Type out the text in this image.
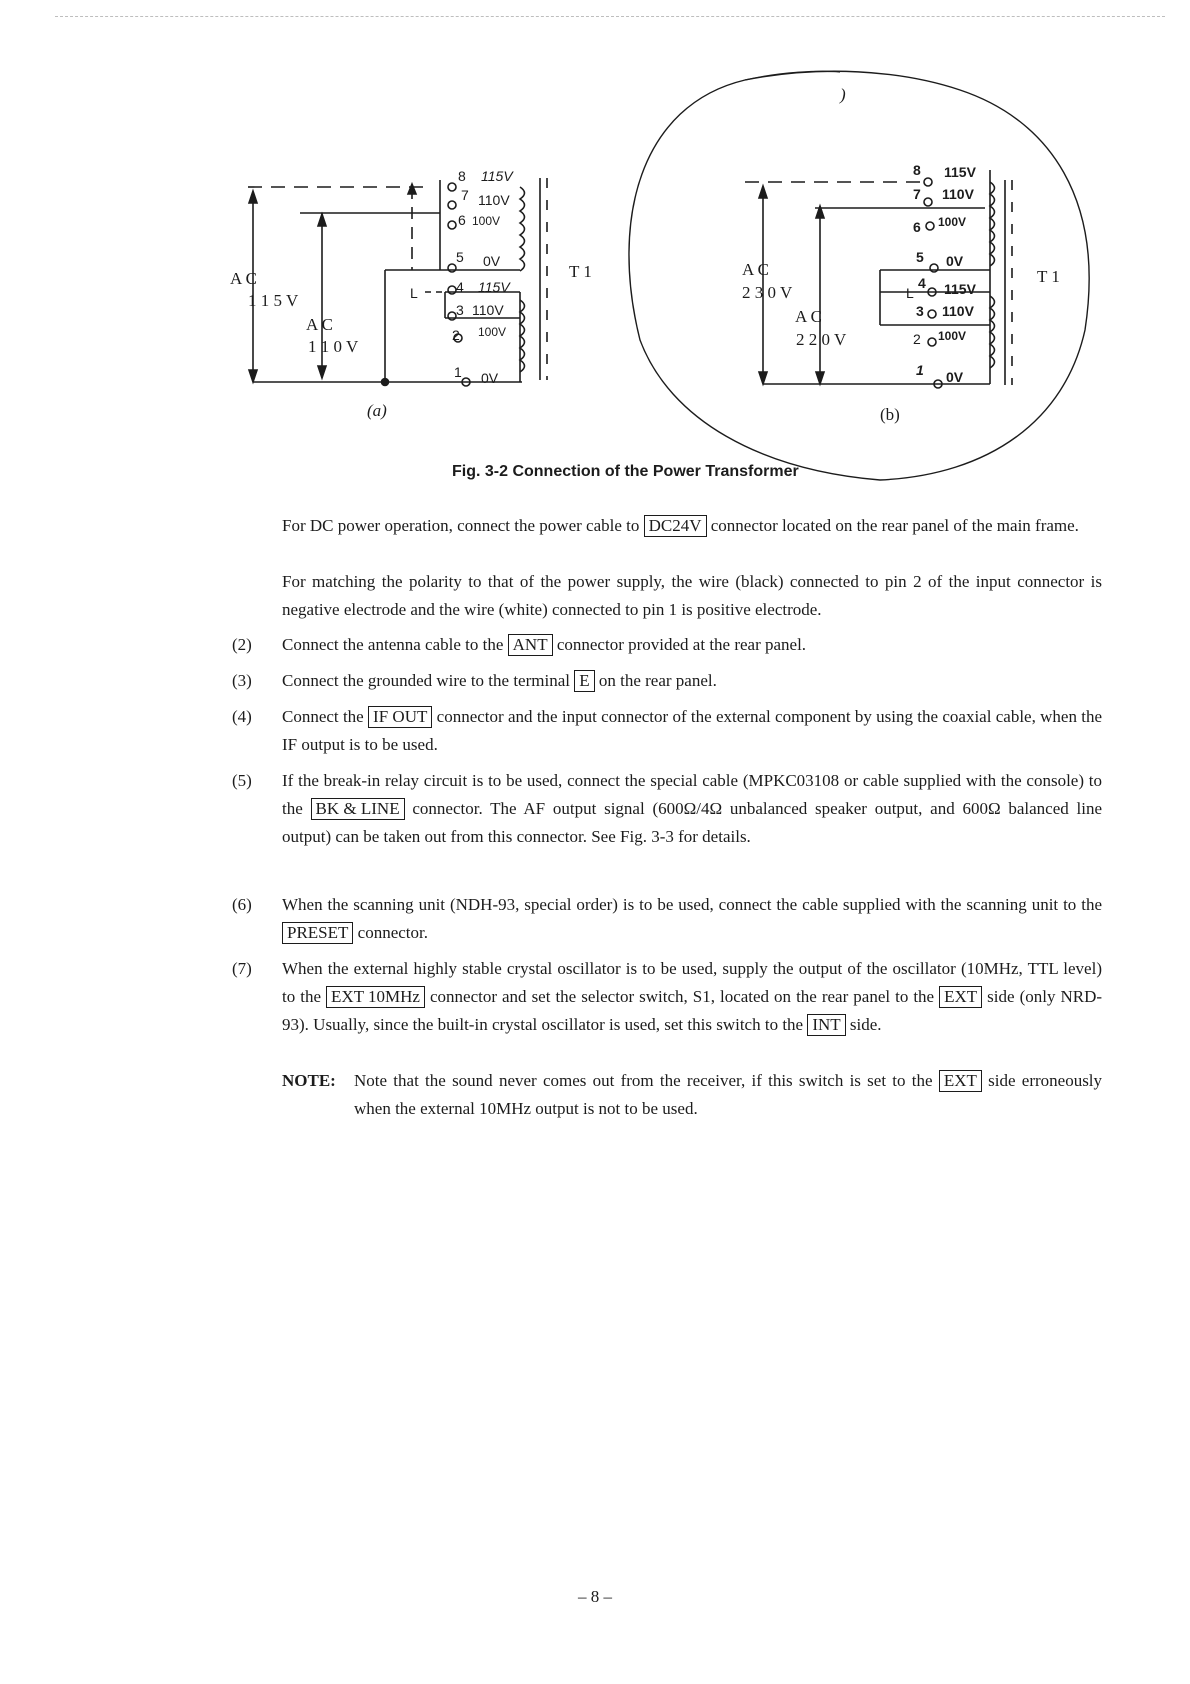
A C
1 1 5 V
A C
1 1 0 V
T 1
(a)
L
8 115V
7 110V
6 100V
5 0V
4 115V
3 110V
2 100V
1 0V
A C
2 3 0 V
A C
2 2 0 V
T 1
(b)
)
L
8 115V
7 110V
6 100V
5 0V
4 115V
3 110V
2 100V
1 0V
Fig. 3-2 Connection of the Power Transformer
For DC power operation, connect the power cable to DC24V connector located on the rear panel of the main frame.
For matching the polarity to that of the power supply, the wire (black) connected to pin 2 of the input connector is negative electrode and the wire (white) connected to pin 1 is positive electrode.
(2)	Connect the antenna cable to the ANT connector provided at the rear panel.
(3)	Connect the grounded wire to the terminal E on the rear panel.
(4)	Connect the IF OUT connector and the input connector of the external component by using the coaxial cable, when the IF output is to be used.
(5)	If the break-in relay circuit is to be used, connect the special cable (MPKC03108 or cable supplied with the console) to the BK & LINE connector. The AF output signal (600Ω/4Ω unbalanced speaker output, and 600Ω balanced line output) can be taken out from this connector. See Fig. 3-3 for details.
(6)	When the scanning unit (NDH-93, special order) is to be used, connect the cable supplied with the scanning unit to the PRESET connector.
(7)	When the external highly stable crystal oscillator is to be used, supply the output of the oscillator (10MHz, TTL level) to the EXT 10MHz connector and set the selector switch, S1, located on the rear panel to the EXT side (only NRD-93). Usually, since the built-in crystal oscillator is used, set this switch to the INT side.
NOTE: Note that the sound never comes out from the receiver, if this switch is set to the EXT side erroneously when the external 10MHz output is not to be used.
– 8 –
